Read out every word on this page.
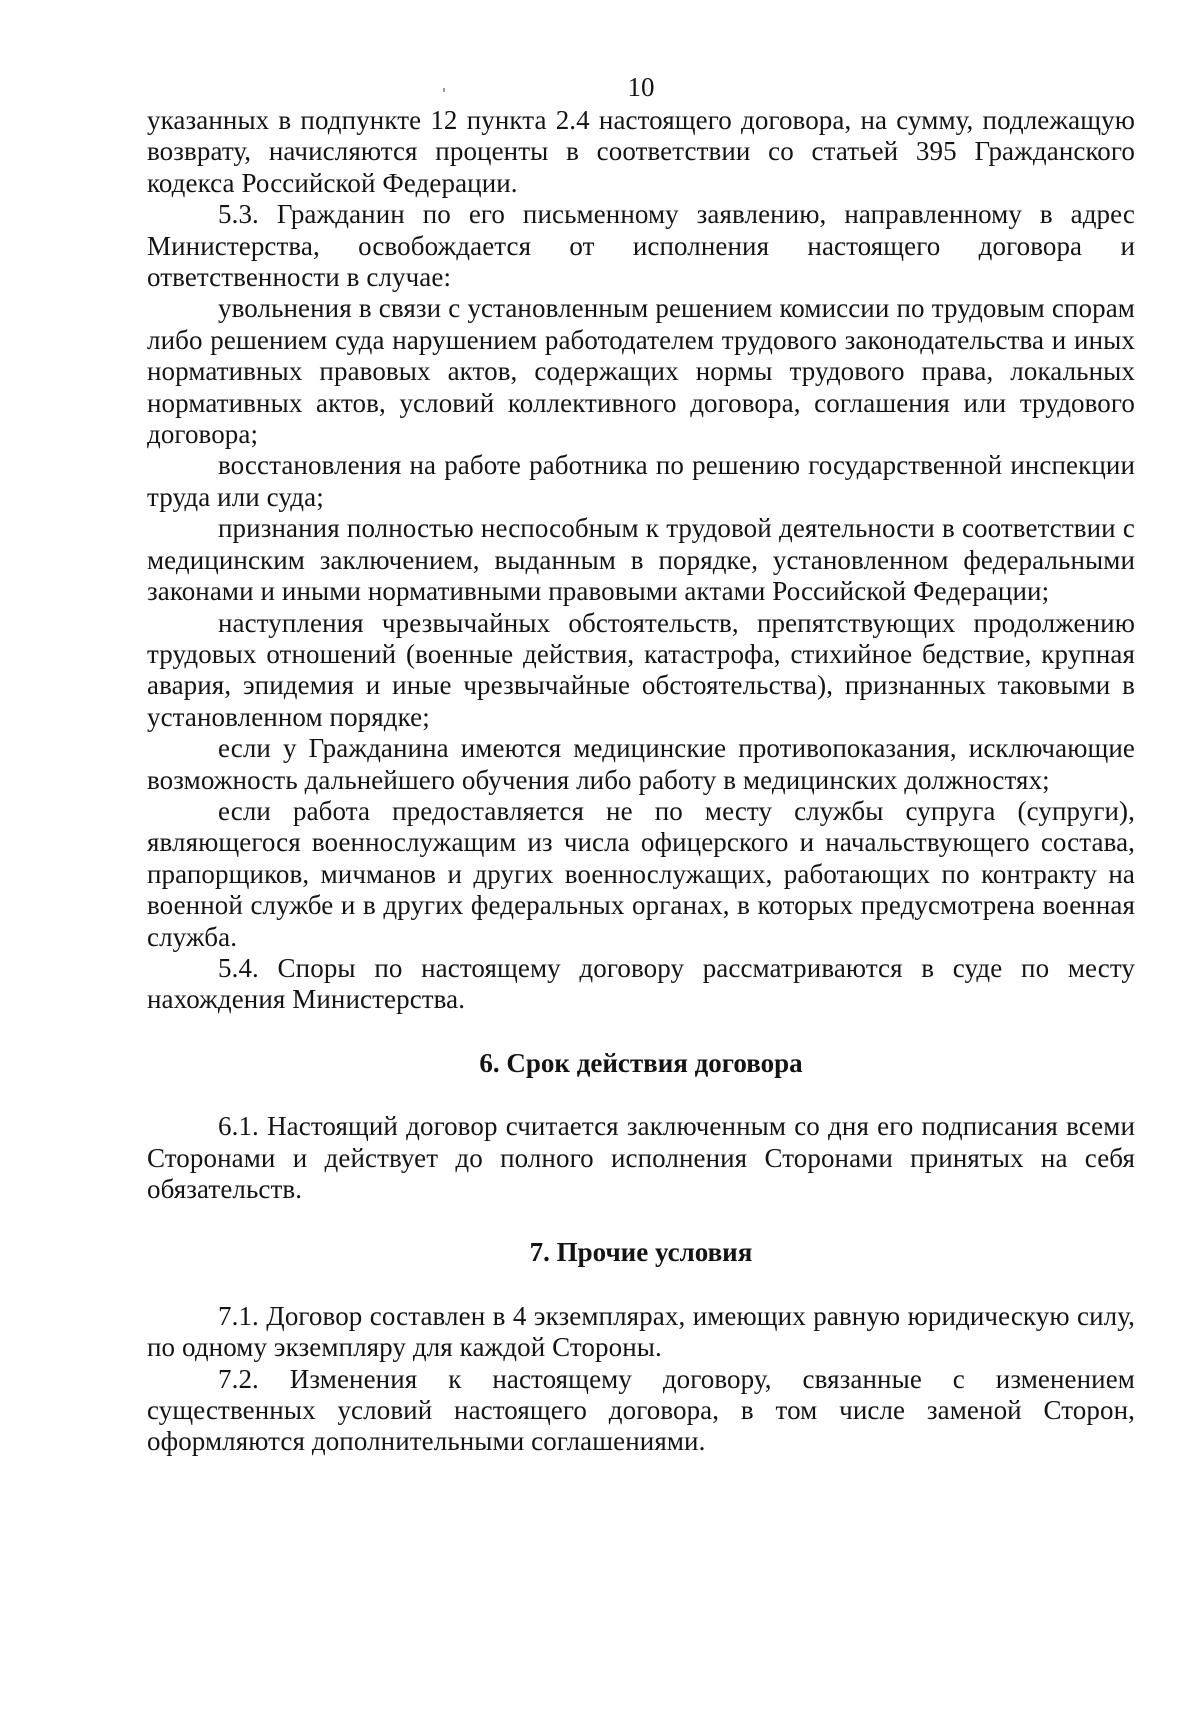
10

указанных в подпункте 12 пункта 2.4 настоящего договора, на сумму, подлежащую возврату, начисляются проценты в соответствии со статьей 395 Гражданского кодекса Российской Федерации.

5.3. Гражданин по его письменному заявлению, направленному в адрес Министерства, освобождается от исполнения настоящего договора и ответственности в случае:

увольнения в связи с установленным решением комиссии по трудовым спорам либо решением суда нарушением работодателем трудового законодательства и иных нормативных правовых актов, содержащих нормы трудового права, локальных нормативных актов, условий коллективного договора, соглашения или трудового договора;

восстановления на работе работника по решению государственной инспекции труда или суда;

признания полностью неспособным к трудовой деятельности в соответствии с медицинским заключением, выданным в порядке, установленном федеральными законами и иными нормативными правовыми актами Российской Федерации;

наступления чрезвычайных обстоятельств, препятствующих продолжению трудовых отношений (военные действия, катастрофа, стихийное бедствие, крупная авария, эпидемия и иные чрезвычайные обстоятельства), признанных таковыми в установленном порядке;

если у Гражданина имеются медицинские противопоказания, исключающие возможность дальнейшего обучения либо работу в медицинских должностях;

если работа предоставляется не по месту службы супруга (супруги), являющегося военнослужащим из числа офицерского и начальствующего состава, прапорщиков, мичманов и других военнослужащих, работающих по контракту на военной службе и в других федеральных органах, в которых предусмотрена военная служба.

5.4. Споры по настоящему договору рассматриваются в суде по месту нахождения Министерства.

6. Срок действия договора

6.1. Настоящий договор считается заключенным со дня его подписания всеми Сторонами и действует до полного исполнения Сторонами принятых на себя обязательств.

7. Прочие условия

7.1. Договор составлен в 4 экземплярах, имеющих равную юридическую силу, по одному экземпляру для каждой Стороны.

7.2. Изменения к настоящему договору, связанные с изменением существенных условий настоящего договора, в том числе заменой Сторон, оформляются дополнительными соглашениями.
